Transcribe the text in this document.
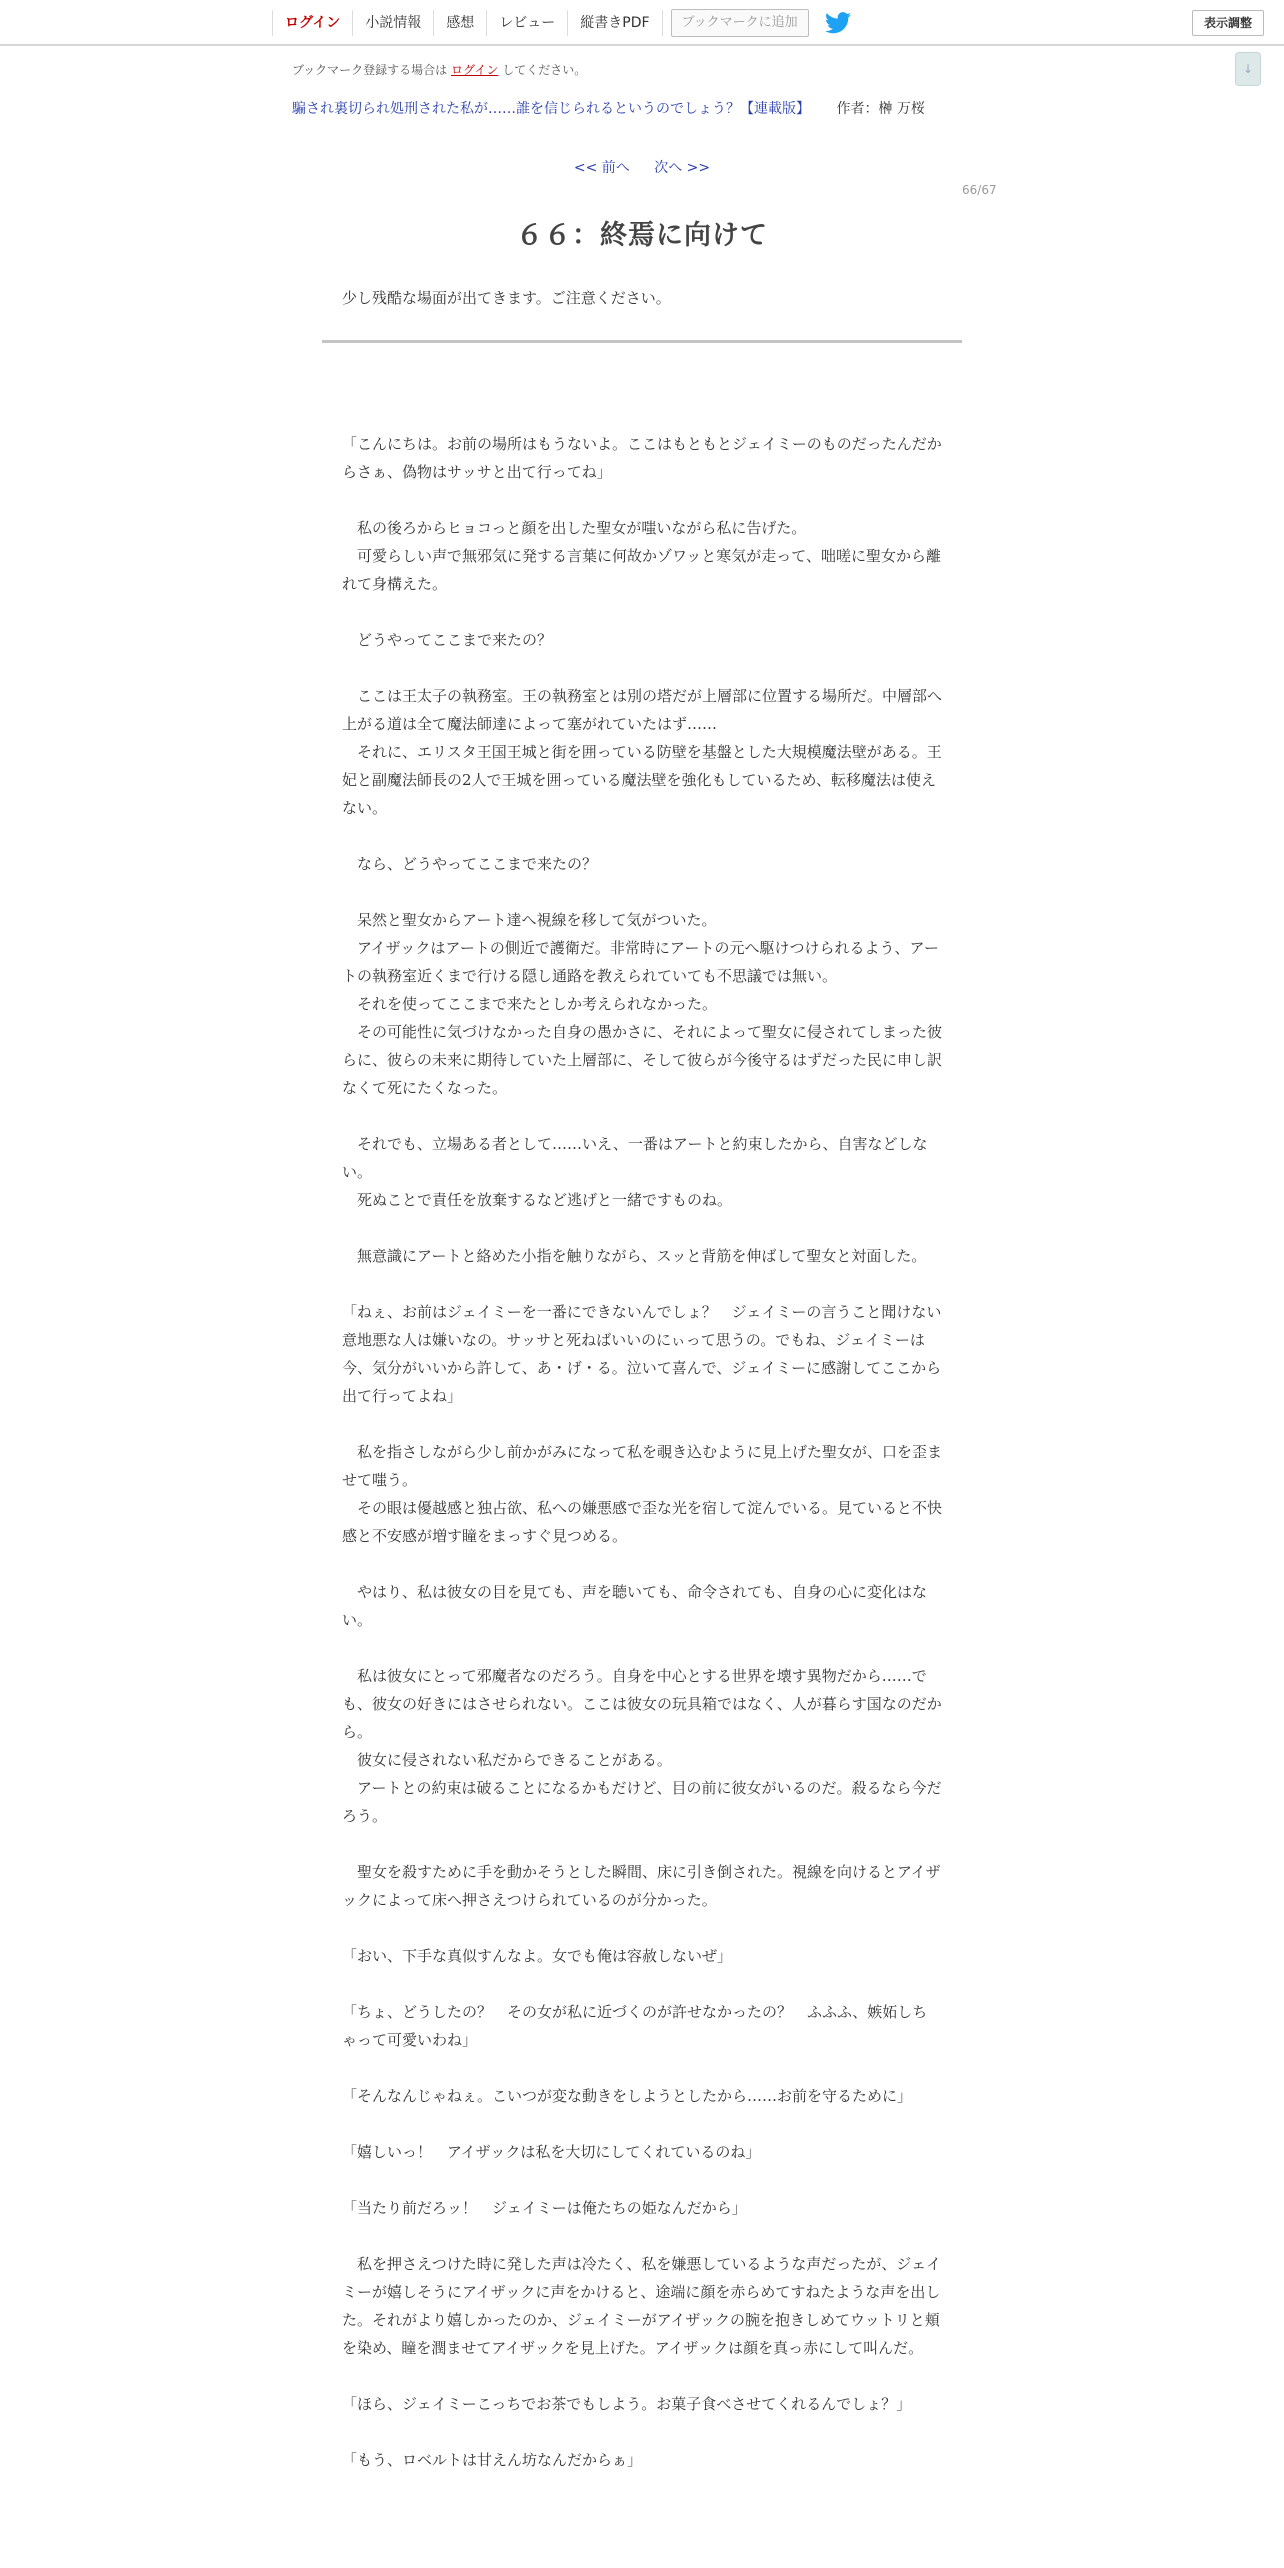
ログイン	小説情報	感想	レビュー	縦書きPDF	ブックマークに追加	表示調整
↓
ブックマーク登録する場合は ログイン してください。
騙され裏切られ処刑された私が……誰を信じられるというのでしょう？【連載版】 作者：榊 万桜
<< 前へ 次へ >>
66/67
６６：終焉に向けて
少し残酷な場面が出てきます。ご注意ください。

「こんにちは。お前の場所はもうないよ。ここはもともとジェイミーのものだったんだからさぁ、偽物はサッサと出て行ってね」

　私の後ろからヒョコっと顔を出した聖女が嗤いながら私に告げた。

　可愛らしい声で無邪気に発する言葉に何故かゾワッと寒気が走って、咄嗟に聖女から離れて身構えた。

　どうやってここまで来たの？

　ここは王太子の執務室。王の執務室とは別の塔だが上層部に位置する場所だ。中層部へ上がる道は全て魔法師達によって塞がれていたはず……

　それに、エリスタ王国王城と街を囲っている防壁を基盤とした大規模魔法壁がある。王妃と副魔法師長の2人で王城を囲っている魔法壁を強化もしているため、転移魔法は使えない。

　なら、どうやってここまで来たの？

　呆然と聖女からアート達へ視線を移して気がついた。

　アイザックはアートの側近で護衛だ。非常時にアートの元へ駆けつけられるよう、アートの執務室近くまで行ける隠し通路を教えられていても不思議では無い。

　それを使ってここまで来たとしか考えられなかった。

　その可能性に気づけなかった自身の愚かさに、それによって聖女に侵されてしまった彼らに、彼らの未来に期待していた上層部に、そして彼らが今後守るはずだった民に申し訳なくて死にたくなった。

　それでも、立場ある者として……いえ、一番はアートと約束したから、自害などしない。

　死ぬことで責任を放棄するなど逃げと一緒ですものね。

　無意識にアートと絡めた小指を触りながら、スッと背筋を伸ばして聖女と対面した。

「ねぇ、お前はジェイミーを一番にできないんでしょ？　ジェイミーの言うこと聞けない意地悪な人は嫌いなの。サッサと死ねばいいのにぃって思うの。でもね、ジェイミーは今、気分がいいから許して、あ・げ・る。泣いて喜んで、ジェイミーに感謝してここから出て行ってよね」

　私を指さしながら少し前かがみになって私を覗き込むように見上げた聖女が、口を歪ませて嗤う。

　その眼は優越感と独占欲、私への嫌悪感で歪な光を宿して淀んでいる。見ていると不快感と不安感が増す瞳をまっすぐ見つめる。

　やはり、私は彼女の目を見ても、声を聴いても、命令されても、自身の心に変化はない。

　私は彼女にとって邪魔者なのだろう。自身を中心とする世界を壊す異物だから……でも、彼女の好きにはさせられない。ここは彼女の玩具箱ではなく、人が暮らす国なのだから。

　彼女に侵されない私だからできることがある。

　アートとの約束は破ることになるかもだけど、目の前に彼女がいるのだ。殺るなら今だろう。

　聖女を殺すために手を動かそうとした瞬間、床に引き倒された。視線を向けるとアイザックによって床へ押さえつけられているのが分かった。

「おい、下手な真似すんなよ。女でも俺は容赦しないぜ」

「ちょ、どうしたの？　その女が私に近づくのが許せなかったの？　ふふふ、嫉妬しちゃって可愛いわね」

「そんなんじゃねぇ。こいつが変な動きをしようとしたから……お前を守るために」

「嬉しいっ！　アイザックは私を大切にしてくれているのね」

「当たり前だろッ！　ジェイミーは俺たちの姫なんだから」

　私を押さえつけた時に発した声は冷たく、私を嫌悪しているような声だったが、ジェイミーが嬉しそうにアイザックに声をかけると、途端に顔を赤らめてすねたような声を出した。それがより嬉しかったのか、ジェイミーがアイザックの腕を抱きしめてウットリと頬を染め、瞳を潤ませてアイザックを見上げた。アイザックは顔を真っ赤にして叫んだ。

「ほら、ジェイミーこっちでお茶でもしよう。お菓子食べさせてくれるんでしょ？」

「もう、ロベルトは甘えん坊なんだからぁ」
